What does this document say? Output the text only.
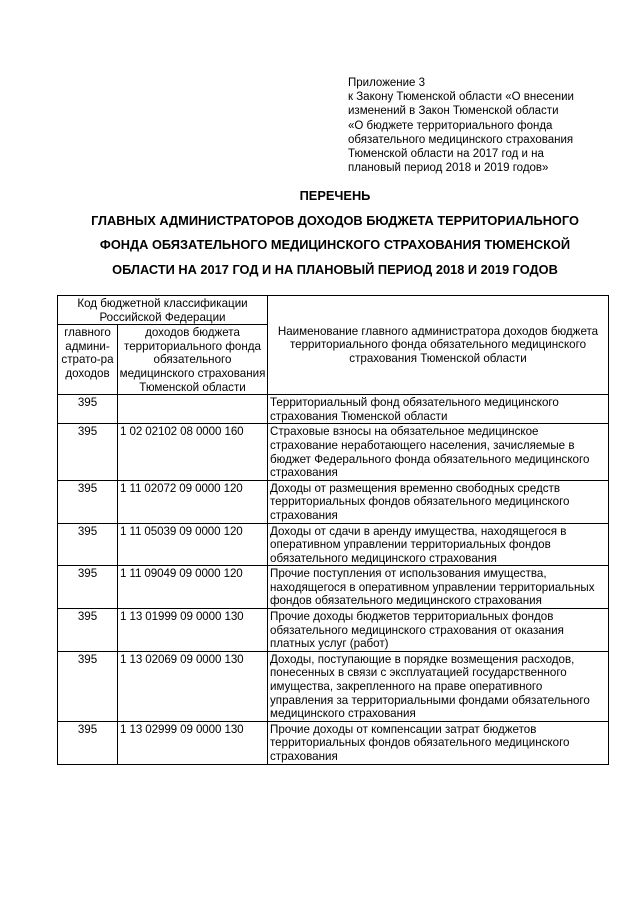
Приложение 3
к Закону Тюменской области «О внесении
изменений в Закон Тюменской области
«О бюджете территориального фонда
обязательного медицинского страхования
Тюменской области на 2017 год и на
плановый период 2018 и 2019 годов»
ПЕРЕЧЕНЬ
ГЛАВНЫХ АДМИНИСТРАТОРОВ ДОХОДОВ БЮДЖЕТА ТЕРРИТОРИАЛЬНОГО
ФОНДА ОБЯЗАТЕЛЬНОГО МЕДИЦИНСКОГО СТРАХОВАНИЯ ТЮМЕНСКОЙ
ОБЛАСТИ НА 2017 ГОД И НА ПЛАНОВЫЙ ПЕРИОД 2018 И 2019 ГОДОВ
Код бюджетной классификации Российской Федерации		Наименование главного администратора доходов бюджета территориального фонда обязательного медицинского страхования Тюменской области
главного админи-страто-ра доходов	доходов бюджета территориального фонда обязательного медицинского страхования Тюменской области	
395		Территориальный фонд обязательного медицинского страхования Тюменской области
395	1 02 02102 08 0000 160	Страховые взносы на обязательное медицинское страхование неработающего населения, зачисляемые в бюджет Федерального фонда обязательного медицинского страхования
395	1 11 02072 09 0000 120	Доходы от размещения временно свободных средств территориальных фондов обязательного медицинского страхования
395	1 11 05039 09 0000 120	Доходы от сдачи в аренду имущества, находящегося в оперативном управлении территориальных фондов обязательного медицинского страхования
395	1 11 09049 09 0000 120	Прочие поступления от использования имущества, находящегося в оперативном управлении территориальных фондов обязательного медицинского страхования
395	1 13 01999 09 0000 130	Прочие доходы бюджетов территориальных фондов обязательного медицинского страхования от оказания платных услуг (работ)
395	1 13 02069 09 0000 130	Доходы, поступающие в порядке возмещения расходов, понесенных в связи с эксплуатацией государственного имущества, закрепленного на праве оперативного управления за территориальными фондами обязательного медицинского страхования
395	1 13 02999 09 0000 130	Прочие доходы от компенсации затрат бюджетов территориальных фондов обязательного медицинского страхования
